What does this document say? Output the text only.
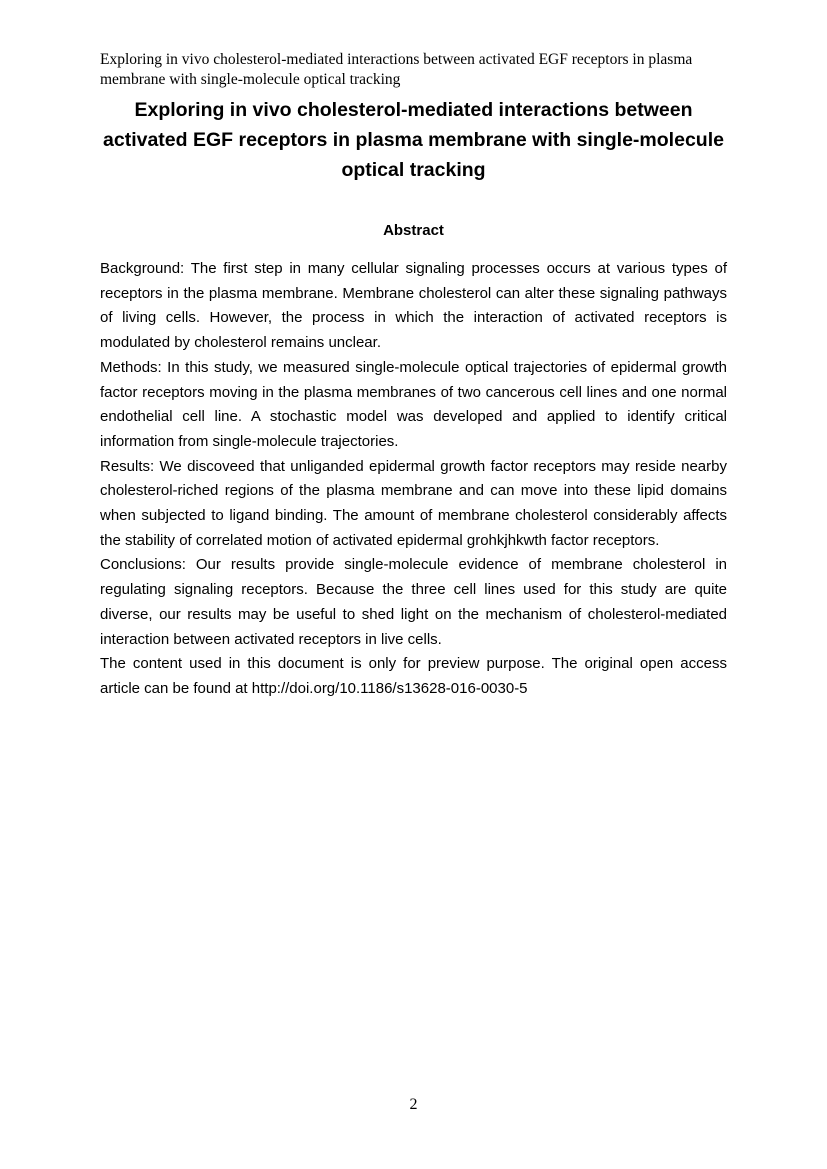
Exploring in vivo cholesterol-mediated interactions between activated EGF receptors in plasma membrane with single-molecule optical tracking
Exploring in vivo cholesterol-mediated interactions between activated EGF receptors in plasma membrane with single-molecule optical tracking
Abstract

Background: The first step in many cellular signaling processes occurs at various types of receptors in the plasma membrane. Membrane cholesterol can alter these signaling pathways of living cells. However, the process in which the interaction of activated receptors is modulated by cholesterol remains unclear.

Methods: In this study, we measured single-molecule optical trajectories of epidermal growth factor receptors moving in the plasma membranes of two cancerous cell lines and one normal endothelial cell line. A stochastic model was developed and applied to identify critical information from single-molecule trajectories.

Results: We discoveed that unliganded epidermal growth factor receptors may reside nearby cholesterol-riched regions of the plasma membrane and can move into these lipid domains when subjected to ligand binding. The amount of membrane cholesterol considerably affects the stability of correlated motion of activated epidermal grohkjhkwth factor receptors.

Conclusions: Our results provide single-molecule evidence of membrane cholesterol in regulating signaling receptors. Because the three cell lines used for this study are quite diverse, our results may be useful to shed light on the mechanism of cholesterol-mediated interaction between activated receptors in live cells.

The content used in this document is only for preview purpose. The original open access article can be found at http://doi.org/10.1186/s13628-016-0030-5

2
